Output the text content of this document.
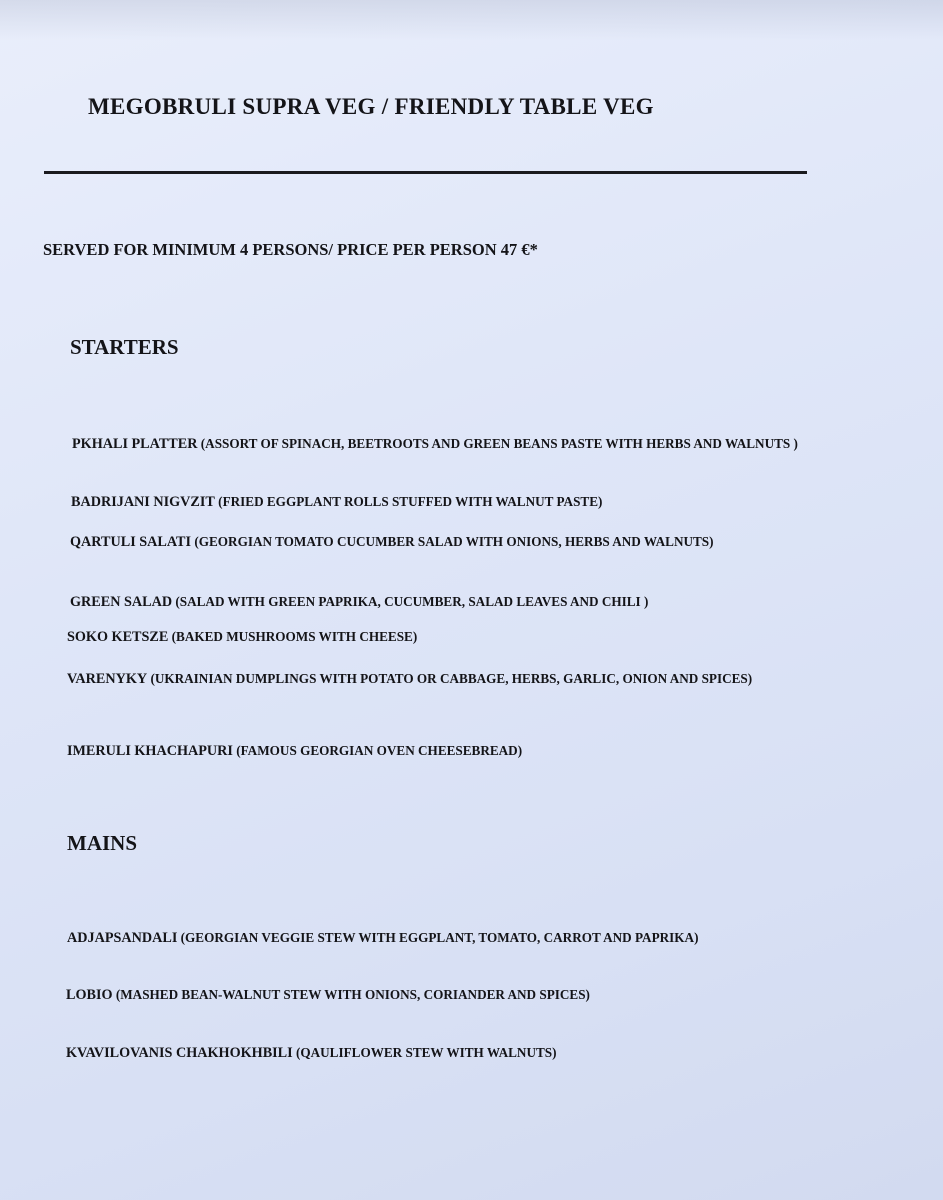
MEGOBRULI SUPRA VEG / FRIENDLY TABLE VEG
SERVED FOR MINIMUM 4 PERSONS/ PRICE PER PERSON 47 €*
STARTERS
PKHALI PLATTER (ASSORT OF SPINACH, BEETROOTS AND GREEN BEANS PASTE WITH HERBS AND WALNUTS )
BADRIJANI NIGVZIT (FRIED EGGPLANT ROLLS STUFFED WITH WALNUT PASTE)
QARTULI SALATI (GEORGIAN TOMATO CUCUMBER SALAD WITH ONIONS, HERBS AND WALNUTS)
GREEN SALAD (SALAD WITH GREEN PAPRIKA, CUCUMBER, SALAD LEAVES AND CHILI )
SOKO KETSZE (BAKED MUSHROOMS WITH CHEESE)
VARENYKY (UKRAINIAN DUMPLINGS WITH POTATO OR CABBAGE, HERBS, GARLIC, ONION AND SPICES)
IMERULI KHACHAPURI (FAMOUS GEORGIAN OVEN CHEESEBREAD)
MAINS
ADJAPSANDALI (GEORGIAN VEGGIE STEW WITH EGGPLANT, TOMATO, CARROT AND PAPRIKA)
LOBIO (MASHED BEAN-WALNUT STEW WITH ONIONS, CORIANDER AND SPICES)
KVAVILOVANIS CHAKHOKHBILI (QAULIFLOWER STEW WITH WALNUTS)
